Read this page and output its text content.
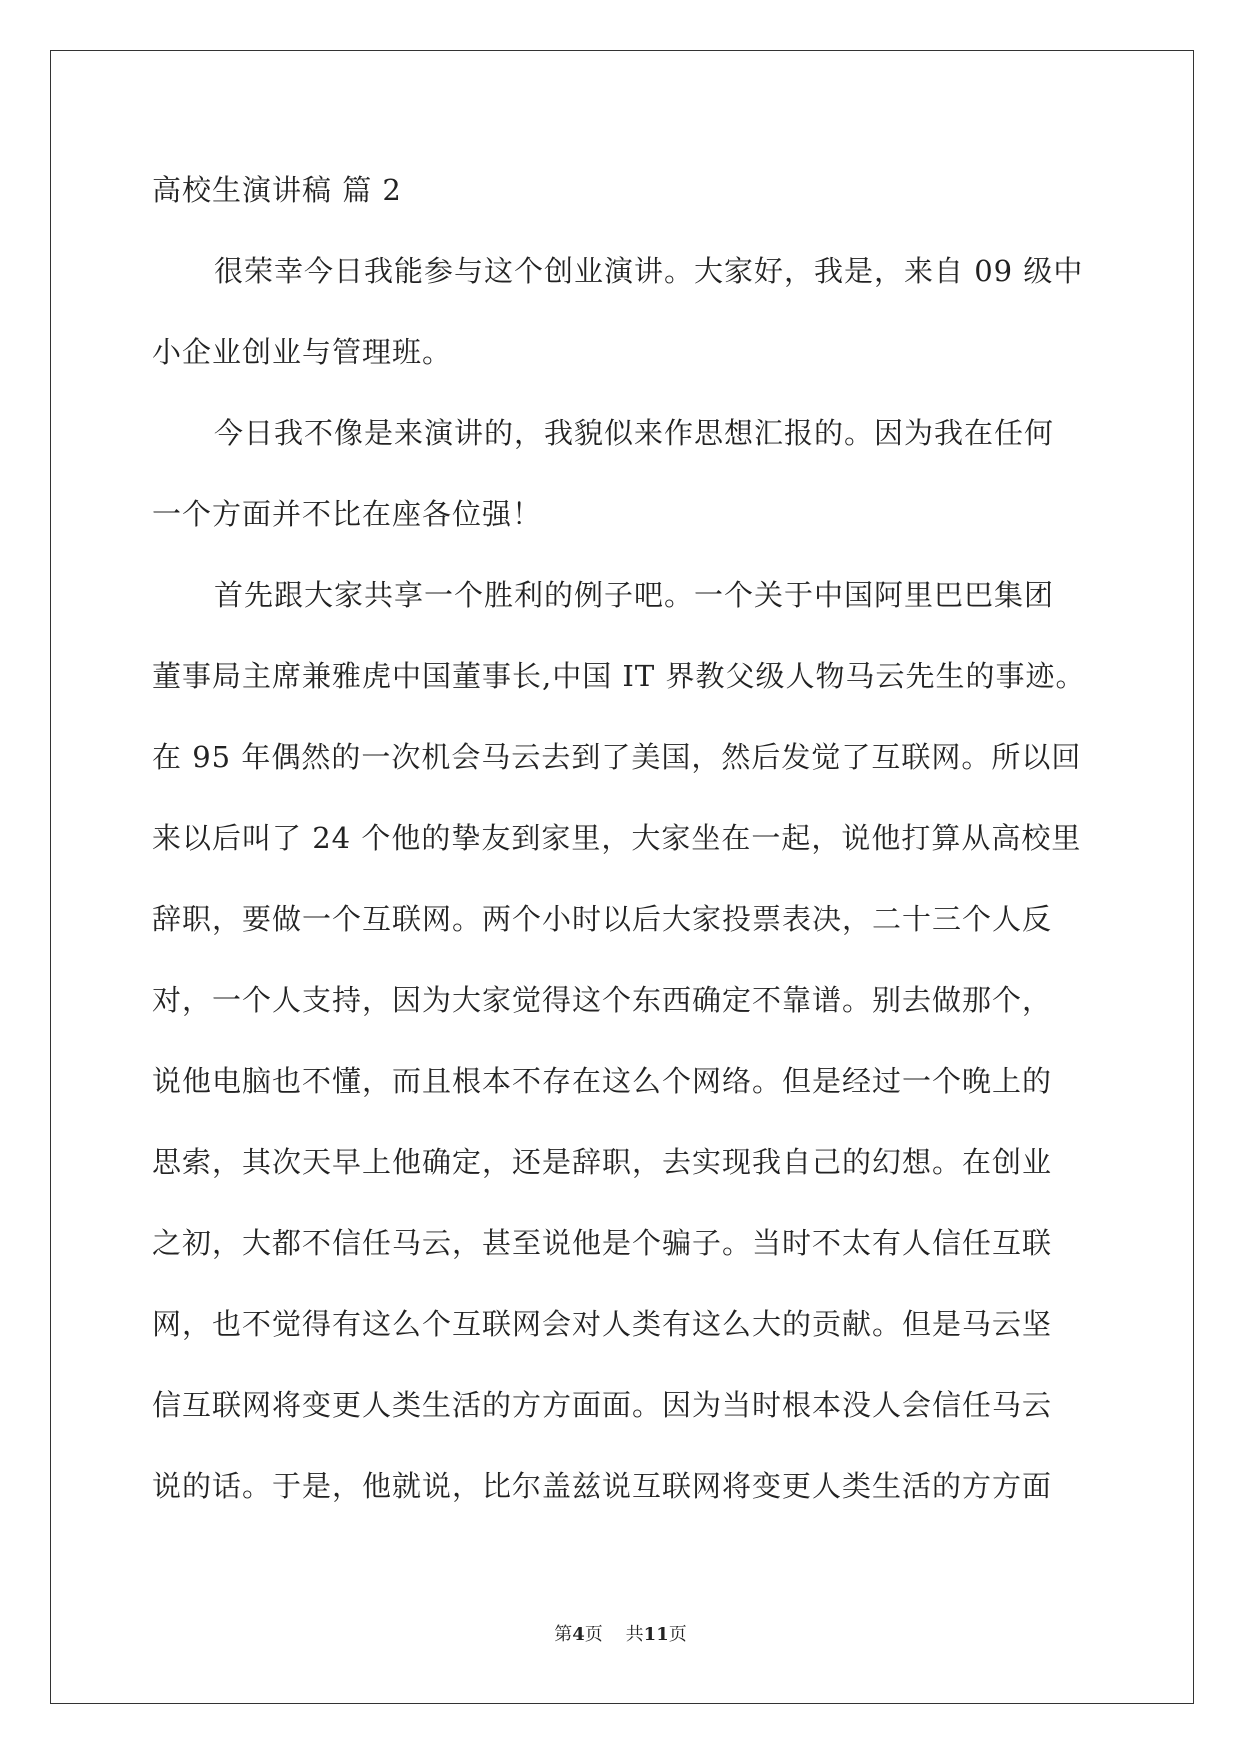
高校生演讲稿 篇 2
很荣幸今日我能参与这个创业演讲。大家好，我是，来自 09 级中
小企业创业与管理班。
今日我不像是来演讲的，我貌似来作思想汇报的。因为我在任何
一个方面并不比在座各位强！
首先跟大家共享一个胜利的例子吧。一个关于中国阿里巴巴集团
董事局主席兼雅虎中国董事长,中国 IT 界教父级人物马云先生的事迹。
在 95 年偶然的一次机会马云去到了美国，然后发觉了互联网。所以回
来以后叫了 24 个他的挚友到家里，大家坐在一起，说他打算从高校里
辞职，要做一个互联网。两个小时以后大家投票表决，二十三个人反
对，一个人支持，因为大家觉得这个东西确定不靠谱。别去做那个，
说他电脑也不懂，而且根本不存在这么个网络。但是经过一个晚上的
思索，其次天早上他确定，还是辞职，去实现我自己的幻想。在创业
之初，大都不信任马云，甚至说他是个骗子。当时不太有人信任互联
网，也不觉得有这么个互联网会对人类有这么大的贡献。但是马云坚
信互联网将变更人类生活的方方面面。因为当时根本没人会信任马云
说的话。于是，他就说，比尔盖兹说互联网将变更人类生活的方方面
第4页 共11页
